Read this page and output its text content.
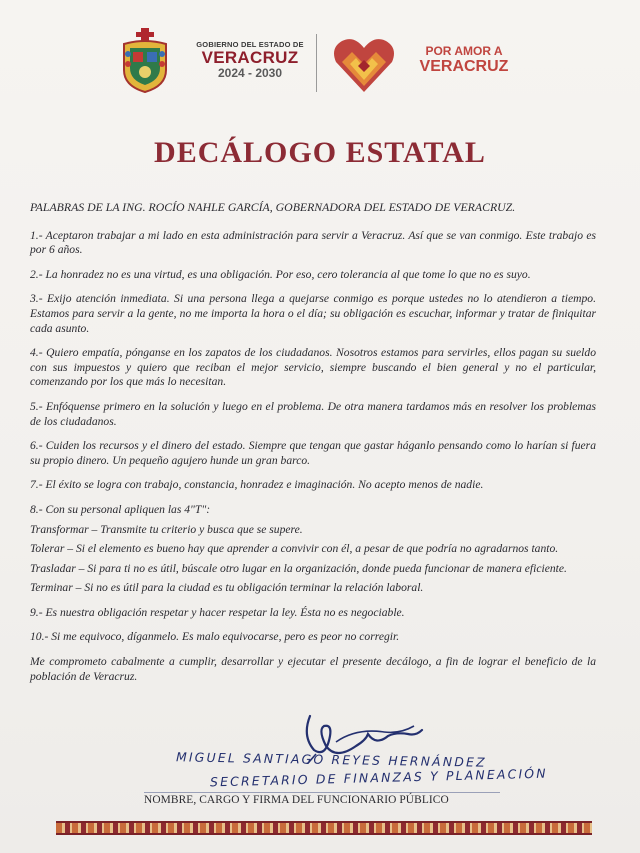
GOBIERNO DEL ESTADO DE
VERACRUZ
2024 - 2030
POR AMOR A
VERACRUZ
DECÁLOGO ESTATAL

PALABRAS DE LA ING. ROCÍO NAHLE GARCÍA, GOBERNADORA DEL ESTADO DE VERACRUZ.

1.- Aceptaron trabajar a mi lado en esta administración para servir a Veracruz. Así que se van conmigo. Este trabajo es por 6 años.

2.- La honradez no es una virtud, es una obligación. Por eso, cero tolerancia al que tome lo que no es suyo.

3.- Exijo atención inmediata. Si una persona llega a quejarse conmigo es porque ustedes no lo atendieron a tiempo. Estamos para servir a la gente, no me importa la hora o el día; su obligación es escuchar, informar y tratar de finiquitar cada asunto.

4.- Quiero empatía, pónganse en los zapatos de los ciudadanos. Nosotros estamos para servirles, ellos pagan su sueldo con sus impuestos y quiero que reciban el mejor servicio, siempre buscando el bien general y no el particular, comenzando por los que más lo necesitan.

5.- Enfóquense primero en la solución y luego en el problema. De otra manera tardamos más en resolver los problemas de los ciudadanos.

6.- Cuiden los recursos y el dinero del estado. Siempre que tengan que gastar háganlo pensando como lo harían si fuera su propio dinero. Un pequeño agujero hunde un gran barco.

7.- El éxito se logra con trabajo, constancia, honradez e imaginación. No acepto menos de nadie.

8.- Con su personal apliquen las 4"T":

Transformar – Transmite tu criterio y busca que se supere.

Tolerar – Si el elemento es bueno hay que aprender a convivir con él, a pesar de que podría no agradarnos tanto.

Trasladar – Si para ti no es útil, búscale otro lugar en la organización, donde pueda funcionar de manera eficiente.

Terminar – Si no es útil para la ciudad es tu obligación terminar la relación laboral.

9.- Es nuestra obligación respetar y hacer respetar la ley. Ésta no es negociable.

10.- Si me equivoco, díganmelo. Es malo equivocarse, pero es peor no corregir.

Me comprometo cabalmente a cumplir, desarrollar y ejecutar el presente decálogo, a fin de lograr el beneficio de la población de Veracruz.

MIGUEL SANTIAGO REYES HERNÁNDEZ
SECRETARIO DE FINANZAS Y PLANEACIÓN
NOMBRE, CARGO Y FIRMA DEL FUNCIONARIO PÚBLICO
